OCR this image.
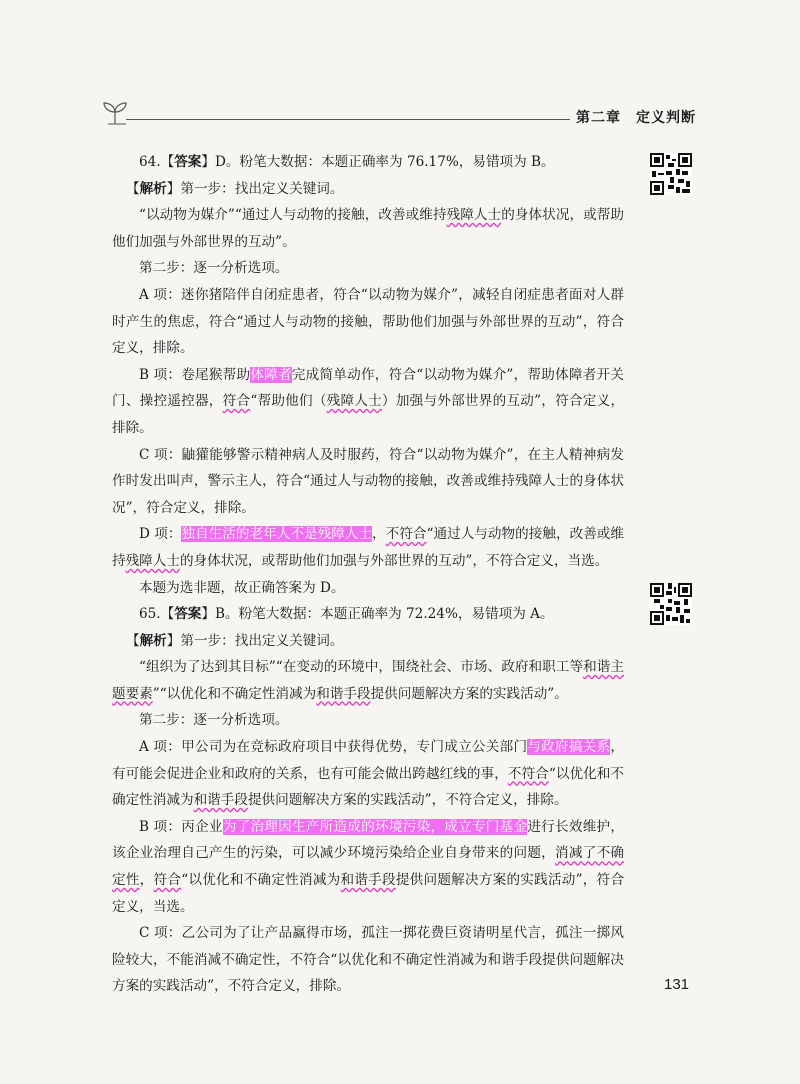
第二章　定义判断

64.【答案】D。粉笔大数据：本题正确率为 76.17%，易错项为 B。

【解析】第一步：找出定义关键词。

“以动物为媒介”“通过人与动物的接触，改善或维持残障人士的身体状况，或帮助他们加强与外部世界的互动”。

第二步：逐一分析选项。

A 项：迷你猪陪伴自闭症患者，符合“以动物为媒介”，减轻自闭症患者面对人群时产生的焦虑，符合“通过人与动物的接触，帮助他们加强与外部世界的互动”，符合定义，排除。

B 项：卷尾猴帮助体障者完成简单动作，符合“以动物为媒介”，帮助体障者开关门、操控遥控器，符合“帮助他们（残障人士）加强与外部世界的互动”，符合定义，排除。

C 项：鼬獾能够警示精神病人及时服药，符合“以动物为媒介”，在主人精神病发作时发出叫声，警示主人，符合“通过人与动物的接触，改善或维持残障人士的身体状况”，符合定义，排除。

D 项：独自生活的老年人不是残障人士，不符合“通过人与动物的接触，改善或维持残障人士的身体状况，或帮助他们加强与外部世界的互动”，不符合定义，当选。

本题为选非题，故正确答案为 D。

65.【答案】B。粉笔大数据：本题正确率为 72.24%，易错项为 A。

【解析】第一步：找出定义关键词。

“组织为了达到其目标”“在变动的环境中，围绕社会、市场、政府和职工等和谐主题要素”“以优化和不确定性消减为和谐手段提供问题解决方案的实践活动”。

第二步：逐一分析选项。

A 项：甲公司为在竞标政府项目中获得优势，专门成立公关部门与政府搞关系，有可能会促进企业和政府的关系，也有可能会做出跨越红线的事，不符合“以优化和不确定性消减为和谐手段提供问题解决方案的实践活动”，不符合定义，排除。

B 项：丙企业为了治理因生产所造成的环境污染，成立专门基金进行长效维护，该企业治理自己产生的污染，可以减少环境污染给企业自身带来的问题，消减了不确定性，符合“以优化和不确定性消减为和谐手段提供问题解决方案的实践活动”，符合定义，当选。

C 项：乙公司为了让产品赢得市场，孤注一掷花费巨资请明星代言，孤注一掷风险较大，不能消减不确定性，不符合“以优化和不确定性消减为和谐手段提供问题解决方案的实践活动”，不符合定义，排除。	131
